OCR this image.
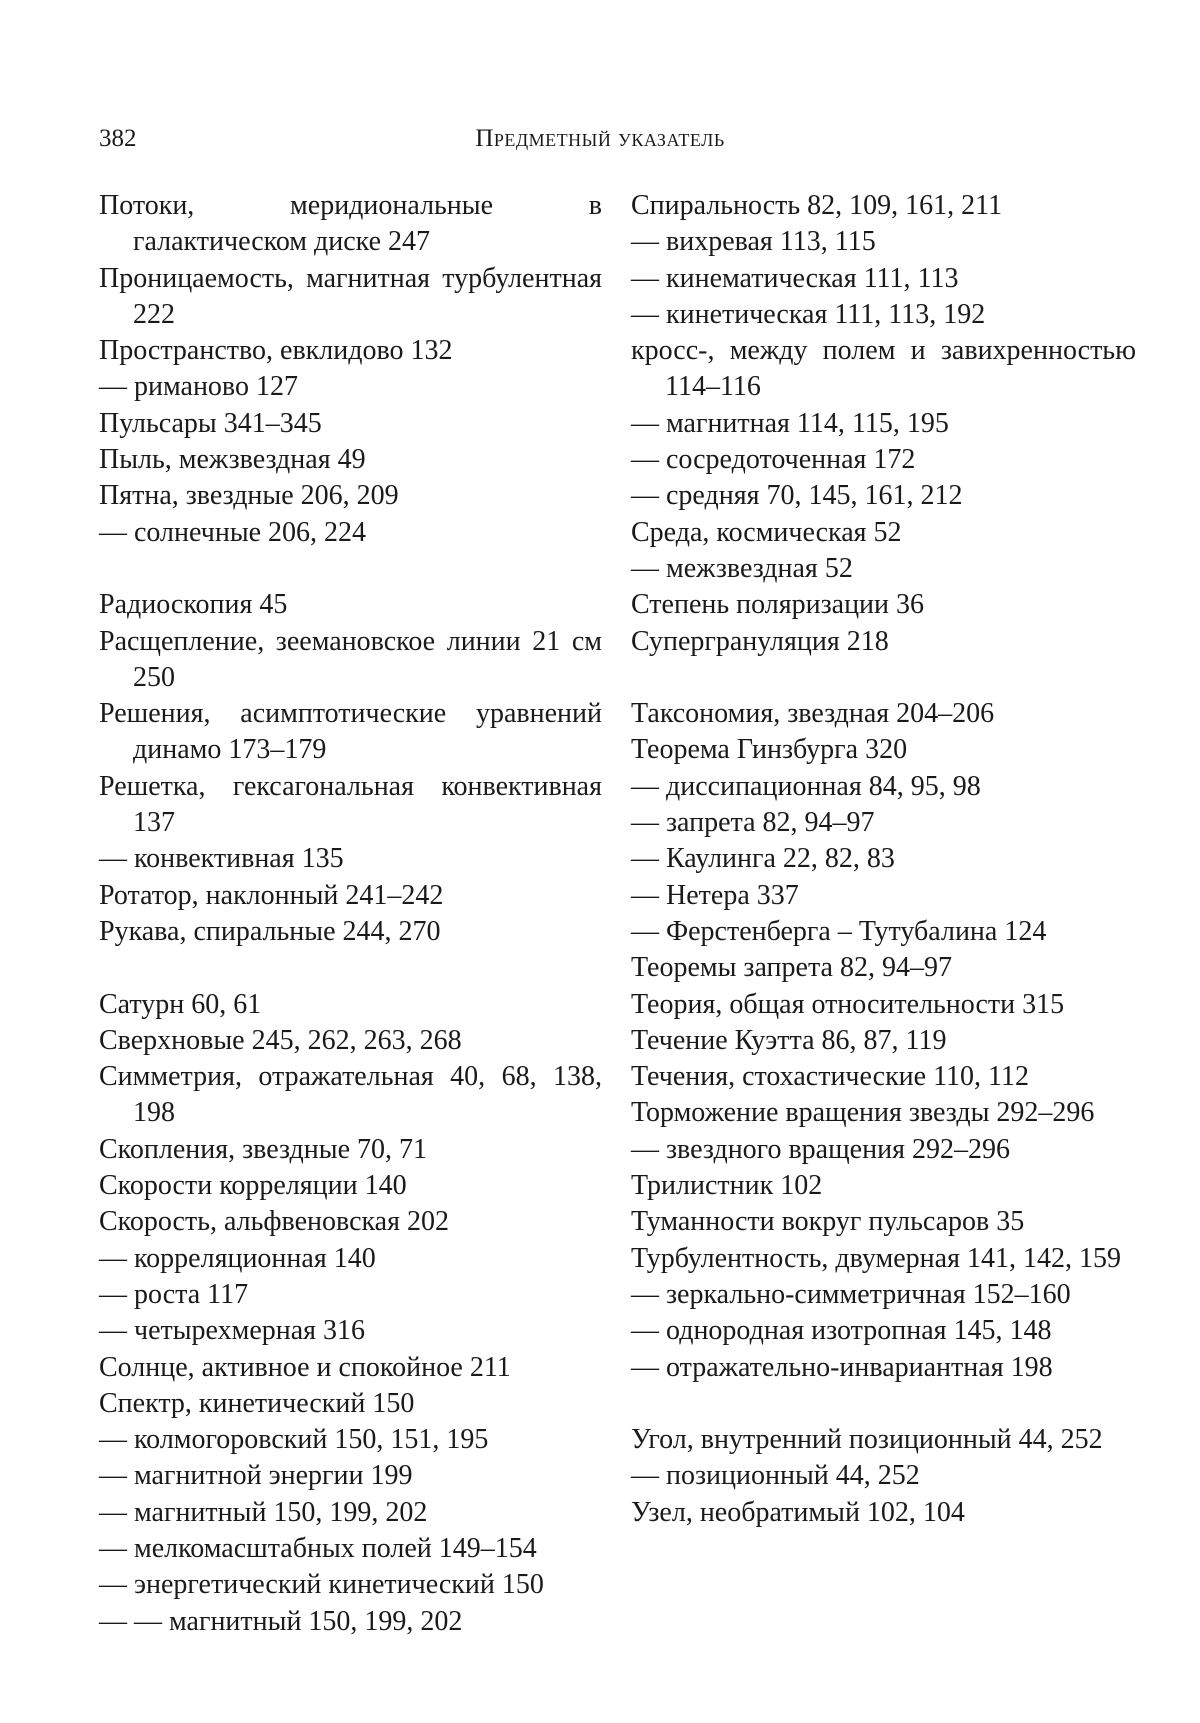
382	Предметный указатель

Потоки, меридиональные в галактическом диске 247

Проницаемость, магнитная турбулентная 222

Пространство, евклидово 132

— риманово 127

Пульсары 341–345

Пыль, межзвездная 49

Пятна, звездные 206, 209

— солнечные 206, 224

Радиоскопия 45

Расщепление, зеемановское линии 21 см 250

Решения, асимптотические уравнений динамо 173–179

Решетка, гексагональная конвективная 137

— конвективная 135

Ротатор, наклонный 241–242

Рукава, спиральные 244, 270

Сатурн 60, 61

Сверхновые 245, 262, 263, 268

Симметрия, отражательная 40, 68, 138, 198

Скопления, звездные 70, 71

Скорости корреляции 140

Скорость, альфвеновская 202

— корреляционная 140

— роста 117

— четырехмерная 316

Солнце, активное и спокойное 211

Спектр, кинетический 150

— колмогоровский 150, 151, 195

— магнитной энергии 199

— магнитный 150, 199, 202

— мелкомасштабных полей 149–154

— энергетический кинетический 150

— — магнитный 150, 199, 202

Спиральность 82, 109, 161, 211

— вихревая 113, 115

— кинематическая 111, 113

— кинетическая 111, 113, 192

кросс-, между полем и завихренностью 114–116

— магнитная 114, 115, 195

— сосредоточенная 172

— средняя 70, 145, 161, 212

Среда, космическая 52

— межзвездная 52

Степень поляризации 36

Супергрануляция 218

Таксономия, звездная 204–206

Теорема Гинзбурга 320

— диссипационная 84, 95, 98

— запрета 82, 94–97

— Каулинга 22, 82, 83

— Нетера 337

— Ферстенберга – Тутубалина 124

Теоремы запрета 82, 94–97

Теория, общая относительности 315

Течение Куэтта 86, 87, 119

Течения, стохастические 110, 112

Торможение вращения звезды 292–296

— звездного вращения 292–296

Трилистник 102

Туманности вокруг пульсаров 35

Турбулентность, двумерная 141, 142, 159

— зеркально-симметричная 152–160

— однородная изотропная 145, 148

— отражательно-инвариантная 198

Угол, внутренний позиционный 44, 252

— позиционный 44, 252

Узел, необратимый 102, 104
